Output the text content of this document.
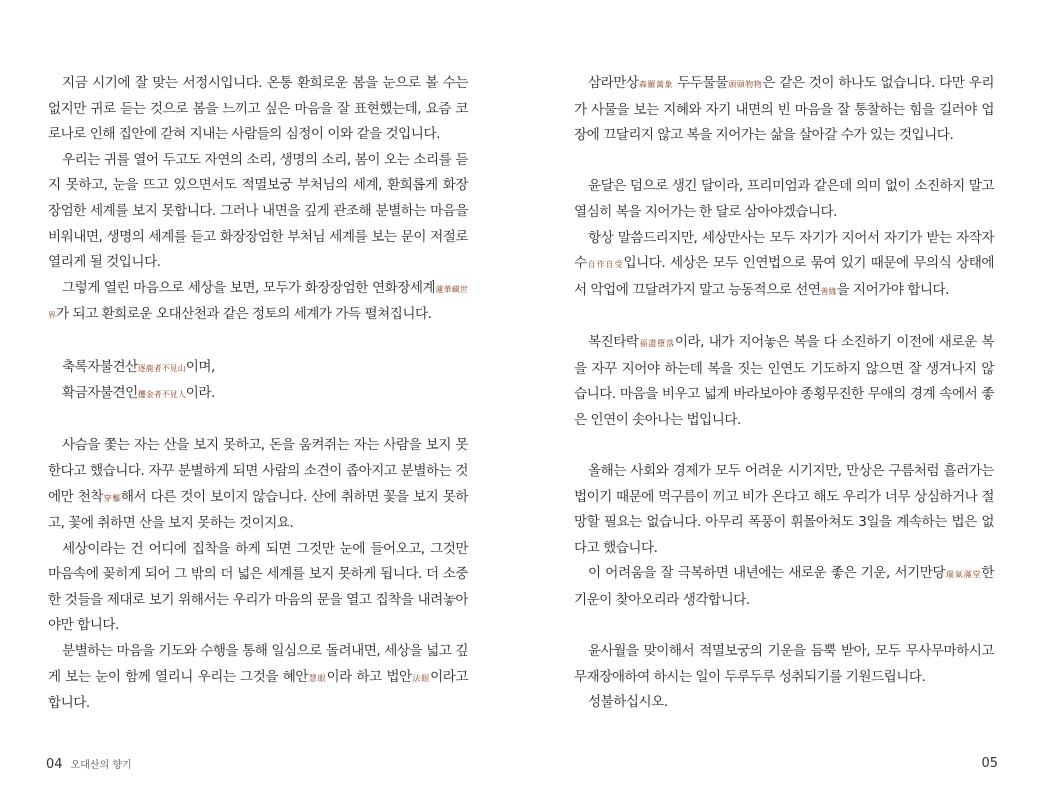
지금 시기에 잘 맞는 서정시입니다. 온통 환희로운 봄을 눈으로 볼 수는 없지만 귀로 듣는 것으로 봄을 느끼고 싶은 마음을 잘 표현했는데, 요즘 코로나로 인해 집안에 갇혀 지내는 사람들의 심정이 이와 같을 것입니다.

우리는 귀를 열어 두고도 자연의 소리, 생명의 소리, 봄이 오는 소리를 듣지 못하고, 눈을 뜨고 있으면서도 적멸보궁 부처님의 세계, 환희롭게 화장장엄한 세계를 보지 못합니다. 그러나 내면을 깊게 관조해 분별하는 마음을 비워내면, 생명의 세계를 듣고 화장장엄한 부처님 세계를 보는 문이 저절로 열리게 될 것입니다.

그렇게 열린 마음으로 세상을 보면, 모두가 화장장엄한 연화장세계蓮華藏世界가 되고 환희로운 오대산천과 같은 정토의 세계가 가득 펼쳐집니다.

축록자불견산逐鹿者不見山이며,

확금자불견인攫金者不見人이라.

사슴을 쫓는 자는 산을 보지 못하고, 돈을 움켜쥐는 자는 사람을 보지 못한다고 했습니다. 자꾸 분별하게 되면 사람의 소견이 좁아지고 분별하는 것에만 천착穿鑿해서 다른 것이 보이지 않습니다. 산에 취하면 꽃을 보지 못하고, 꽃에 취하면 산을 보지 못하는 것이지요.

세상이라는 건 어디에 집착을 하게 되면 그것만 눈에 들어오고, 그것만 마음속에 꽂히게 되어 그 밖의 더 넓은 세계를 보지 못하게 됩니다. 더 소중한 것들을 제대로 보기 위해서는 우리가 마음의 문을 열고 집착을 내려놓아야만 합니다.

분별하는 마음을 기도와 수행을 통해 일심으로 돌려내면, 세상을 넓고 깊게 보는 눈이 함께 열리니 우리는 그것을 혜안慧眼이라 하고 법안法眼이라고 합니다.

삼라만상森羅萬象 두두물물頭頭物物은 같은 것이 하나도 없습니다. 다만 우리가 사물을 보는 지혜와 자기 내면의 빈 마음을 잘 통찰하는 힘을 길러야 업장에 끄달리지 않고 복을 지어가는 삶을 살아갈 수가 있는 것입니다.

윤달은 덤으로 생긴 달이라, 프리미엄과 같은데 의미 없이 소진하지 말고 열심히 복을 지어가는 한 달로 삼아야겠습니다.

항상 말씀드리지만, 세상만사는 모두 자기가 지어서 자기가 받는 자작자수自作自受입니다. 세상은 모두 인연법으로 묶여 있기 때문에 무의식 상태에서 악업에 끄달려가지 말고 능동적으로 선연善緣을 지어가야 합니다.

복진타락福盡墮落이라, 내가 지어놓은 복을 다 소진하기 이전에 새로운 복을 자꾸 지어야 하는데 복을 짓는 인연도 기도하지 않으면 잘 생겨나지 않습니다. 마음을 비우고 넓게 바라보아야 종횡무진한 무애의 경계 속에서 좋은 인연이 솟아나는 법입니다.

올해는 사회와 경제가 모두 어려운 시기지만, 만상은 구름처럼 흘러가는 법이기 때문에 먹구름이 끼고 비가 온다고 해도 우리가 너무 상심하거나 절망할 필요는 없습니다. 아무리 폭풍이 휘몰아쳐도 3일을 계속하는 법은 없다고 했습니다.

이 어려움을 잘 극복하면 내년에는 새로운 좋은 기운, 서기만당瑞氣滿堂한 기운이 찾아오리라 생각합니다.

윤사월을 맞이해서 적멸보궁의 기운을 듬뿍 받아, 모두 무사무마하시고 무재장애하여 하시는 일이 두루두루 성취되기를 기원드립니다.

성불하십시오.

04 오대산의 향기	05
